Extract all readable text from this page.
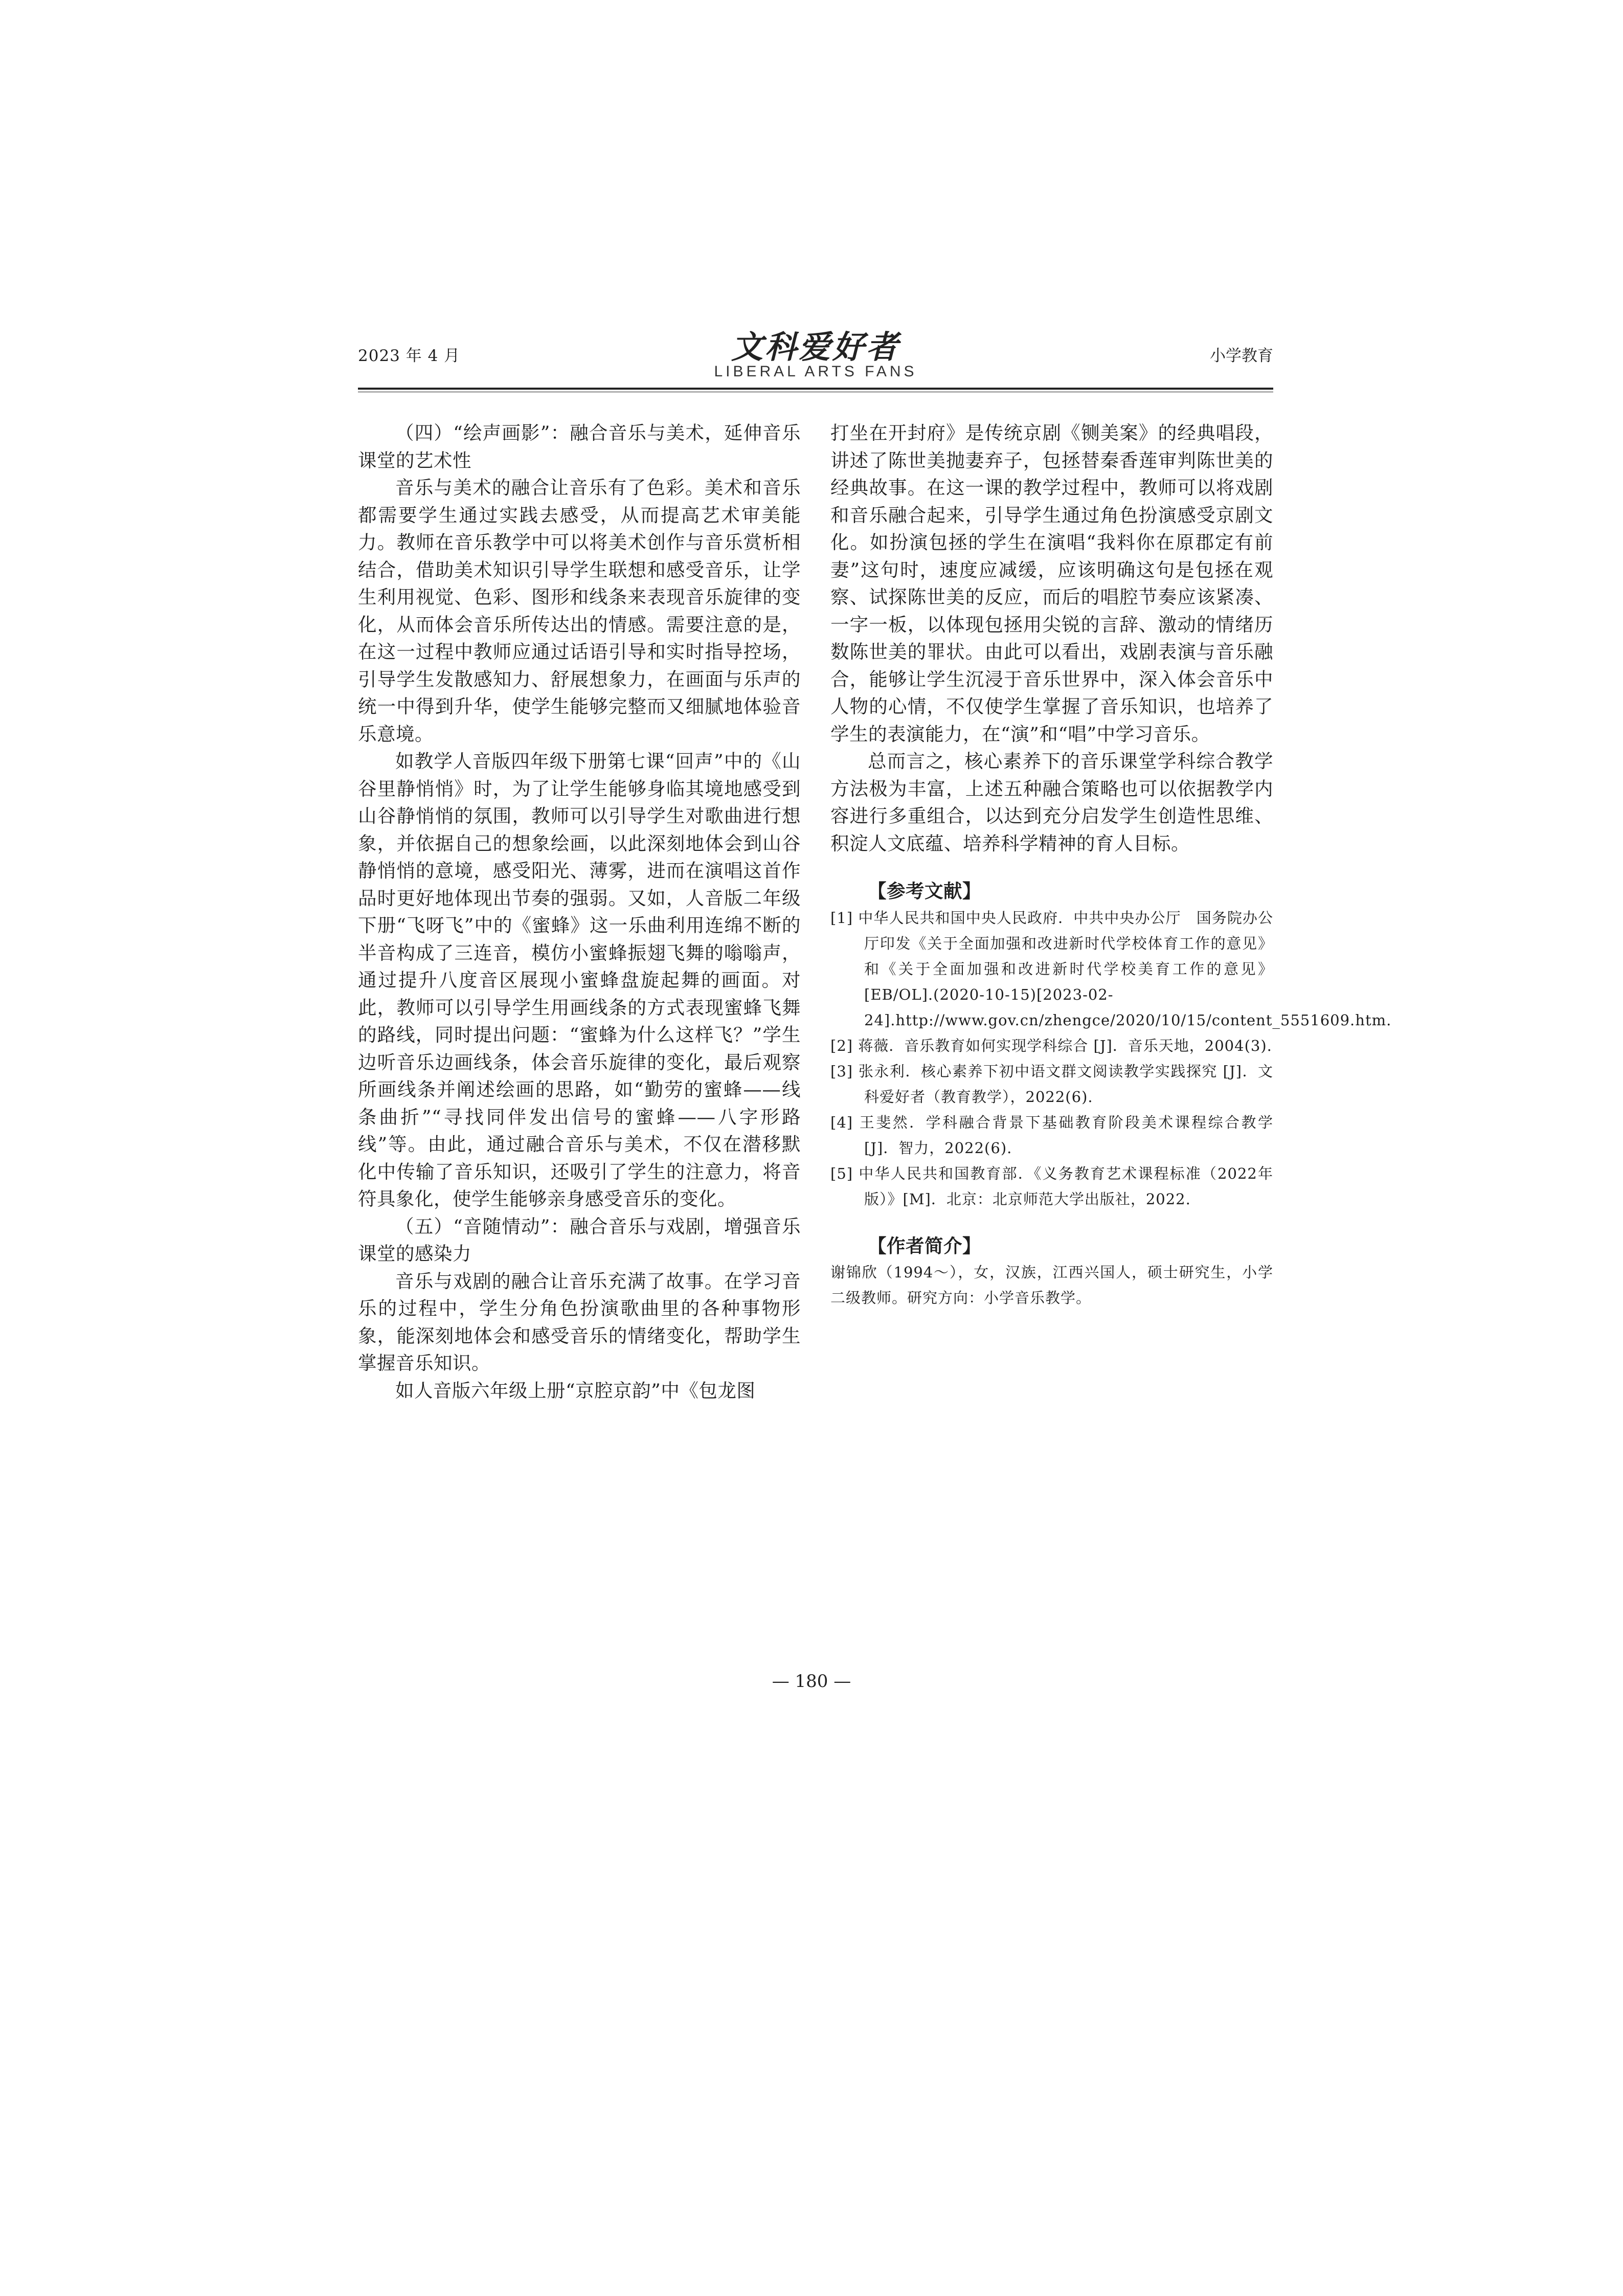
2023 年 4 月	文科爱好者
LIBERAL ARTS FANS
小学教育

（四）“绘声画影”：融合音乐与美术，延伸音乐课堂的艺术性

音乐与美术的融合让音乐有了色彩。美术和音乐都需要学生通过实践去感受，从而提高艺术审美能力。教师在音乐教学中可以将美术创作与音乐赏析相结合，借助美术知识引导学生联想和感受音乐，让学生利用视觉、色彩、图形和线条来表现音乐旋律的变化，从而体会音乐所传达出的情感。需要注意的是，在这一过程中教师应通过话语引导和实时指导控场，引导学生发散感知力、舒展想象力，在画面与乐声的统一中得到升华，使学生能够完整而又细腻地体验音乐意境。

如教学人音版四年级下册第七课“回声”中的《山谷里静悄悄》时，为了让学生能够身临其境地感受到山谷静悄悄的氛围，教师可以引导学生对歌曲进行想象，并依据自己的想象绘画，以此深刻地体会到山谷静悄悄的意境，感受阳光、薄雾，进而在演唱这首作品时更好地体现出节奏的强弱。又如，人音版二年级下册“飞呀飞”中的《蜜蜂》这一乐曲利用连绵不断的半音构成了三连音，模仿小蜜蜂振翅飞舞的嗡嗡声，通过提升八度音区展现小蜜蜂盘旋起舞的画面。对此，教师可以引导学生用画线条的方式表现蜜蜂飞舞的路线，同时提出问题：“蜜蜂为什么这样飞？”学生边听音乐边画线条，体会音乐旋律的变化，最后观察所画线条并阐述绘画的思路，如“勤劳的蜜蜂——线条曲折”“寻找同伴发出信号的蜜蜂——八字形路线”等。由此，通过融合音乐与美术，不仅在潜移默化中传输了音乐知识，还吸引了学生的注意力，将音符具象化，使学生能够亲身感受音乐的变化。

（五）“音随情动”：融合音乐与戏剧，增强音乐课堂的感染力

音乐与戏剧的融合让音乐充满了故事。在学习音乐的过程中，学生分角色扮演歌曲里的各种事物形象，能深刻地体会和感受音乐的情绪变化，帮助学生掌握音乐知识。

如人音版六年级上册“京腔京韵”中《包龙图

打坐在开封府》是传统京剧《铡美案》的经典唱段，讲述了陈世美抛妻弃子，包拯替秦香莲审判陈世美的经典故事。在这一课的教学过程中，教师可以将戏剧和音乐融合起来，引导学生通过角色扮演感受京剧文化。如扮演包拯的学生在演唱“我料你在原郡定有前妻”这句时，速度应减缓，应该明确这句是包拯在观察、试探陈世美的反应，而后的唱腔节奏应该紧凑、一字一板，以体现包拯用尖锐的言辞、激动的情绪历数陈世美的罪状。由此可以看出，戏剧表演与音乐融合，能够让学生沉浸于音乐世界中，深入体会音乐中人物的心情，不仅使学生掌握了音乐知识，也培养了学生的表演能力，在“演”和“唱”中学习音乐。

总而言之，核心素养下的音乐课堂学科综合教学方法极为丰富，上述五种融合策略也可以依据教学内容进行多重组合，以达到充分启发学生创造性思维、积淀人文底蕴、培养科学精神的育人目标。

【参考文献】

[1] 中华人民共和国中央人民政府．中共中央办公厅　国务院办公厅印发《关于全面加强和改进新时代学校体育工作的意见》和《关于全面加强和改进新时代学校美育工作的意见》[EB/OL].(2020-10-15)[2023-02-24].http://www.gov.cn/zhengce/2020/10/15/content_5551609.htm.
[2] 蒋薇．音乐教育如何实现学科综合 [J]．音乐天地，2004(3).
[3] 张永利．核心素养下初中语文群文阅读教学实践探究 [J]．文科爱好者（教育教学），2022(6).
[4] 王斐然．学科融合背景下基础教育阶段美术课程综合教学 [J]．智力，2022(6).
[5] 中华人民共和国教育部．《义务教育艺术课程标准（2022年版）》[M]．北京：北京师范大学出版社，2022.

【作者简介】

谢锦欣（1994～），女，汉族，江西兴国人，硕士研究生，小学二级教师。研究方向：小学音乐教学。
— 180 —
